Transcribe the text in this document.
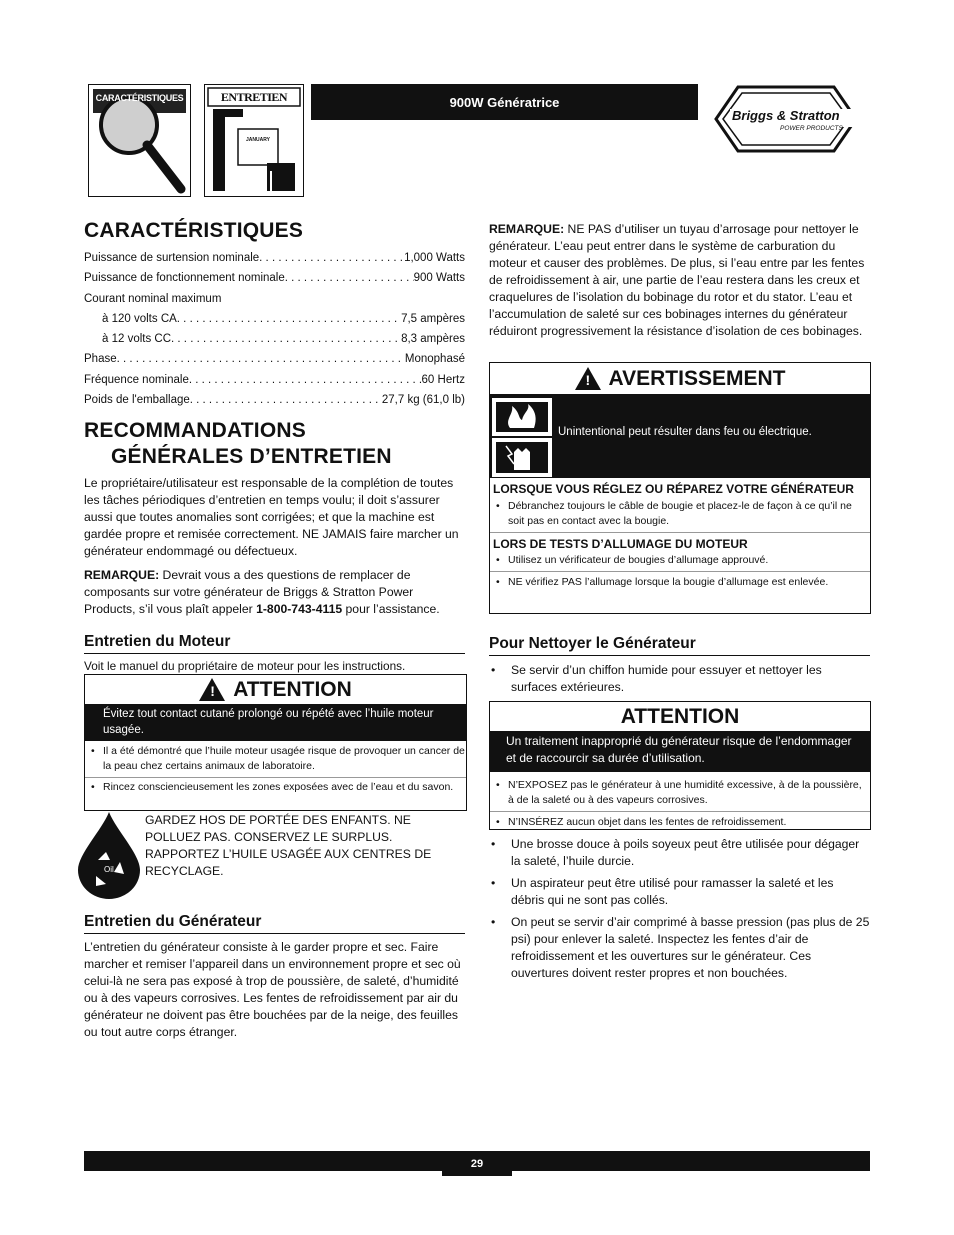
CARACTÉRISTIQUES	ENTRETIEN
JANUARY
900W Génératrice
Briggs & Stratton
POWER PRODUCTS
CARACTÉRISTIQUES
Puissance de surtension nominale . . .	1,000 Watts
Puissance de fonctionnement nominale . . .	900 Watts
Courant nominal maximum
à 120 volts CA . . .	7,5 ampères
à 12 volts CC . . .	8,3 ampères
Phase . . .	Monophasé
Fréquence nominale . . .	60 Hertz
Poids de l'emballage . . .	27,7 kg (61,0 lb)
RECOMMANDATIONS
GÉNÉRALES D’ENTRETIEN

Le propriétaire/utilisateur est responsable de la complétion de toutes les tâches périodiques d’entretien en temps voulu; il doit s’assurer aussi que toutes anomalies sont corrigées; et que la machine est gardée propre et remisée correctement. NE JAMAIS faire marcher un générateur endommagé ou défectueux.

REMARQUE: Devrait vous a des questions de remplacer de composants sur votre générateur de Briggs & Stratton Power Products, s’il vous plaît appeler 1-800-743-4115 pour l’assistance.

Entretien du Moteur

Voit le manuel du propriétaire de moteur pour les instructions.

! ATTENTION
Évitez tout contact cutané prolongé ou répété avec l’huile moteur usagée.
• Il a été démontré que l’huile moteur usagée risque de provoquer un cancer de la peau chez certains animaux de laboratoire.
• Rincez consciencieusement les zones exposées avec de l’eau et du savon.
Oil

GARDEZ HOS DE PORTÉE DES ENFANTS. NE POLLUEZ PAS. CONSERVEZ LE SURPLUS. RAPPORTEZ L’HUILE USAGÉE AUX CENTRES DE RECYCLAGE.

Entretien du Générateur

L’entretien du générateur consiste à le garder propre et sec. Faire marcher et remiser l’appareil dans un environnement propre et sec où celui-là ne sera pas exposé à trop de poussière, de saleté, d’humidité ou à des vapeurs corrosives. Les fentes de refroidissement par air du générateur ne doivent pas être bouchées par de la neige, des feuilles ou tout autre corps étranger.

REMARQUE: NE PAS d’utiliser un tuyau d’arrosage pour nettoyer le générateur. L’eau peut entrer dans le système de carburation du moteur et causer des problèmes. De plus, si l’eau entre par les fentes de refroidissement à air, une partie de l’eau restera dans les creux et craquelures de l’isolation du bobinage du rotor et du stator. L’eau et l’accumulation de saleté sur ces bobinages internes du générateur réduiront progressivement la résistance d’isolation de ces bobinages.

! AVERTISSEMENT
Unintentional peut résulter dans feu ou électrique.
LORSQUE VOUS RÉGLEZ OU RÉPAREZ VOTRE GÉNÉRATEUR
• Débranchez toujours le câble de bougie et placez-le de façon à ce qu’il ne soit pas en contact avec la bougie.
LORS DE TESTS D’ALLUMAGE DU MOTEUR
• Utilisez un vérificateur de bougies d’allumage approuvé.
• NE vérifiez PAS l’allumage lorsque la bougie d’allumage est enlevée.
Pour Nettoyer le Générateur
• Se servir d’un chiffon humide pour essuyer et nettoyer les surfaces extérieures.
ATTENTION
Un traitement inapproprié du générateur risque de l’endommager et de raccourcir sa durée d’utilisation.
• N’EXPOSEZ pas le générateur à une humidité excessive, à de la poussière, à de la saleté ou à des vapeurs corrosives.
• N’INSÉREZ aucun objet dans les fentes de refroidissement.
• Une brosse douce à poils soyeux peut être utilisée pour dégager la saleté, l’huile durcie.
• Un aspirateur peut être utilisé pour ramasser la saleté et les débris qui ne sont pas collés.
• On peut se servir d’air comprimé à basse pression (pas plus de 25 psi) pour enlever la saleté. Inspectez les fentes d’air de refroidissement et les ouvertures sur le générateur. Ces ouvertures doivent rester propres et non bouchées.
29
